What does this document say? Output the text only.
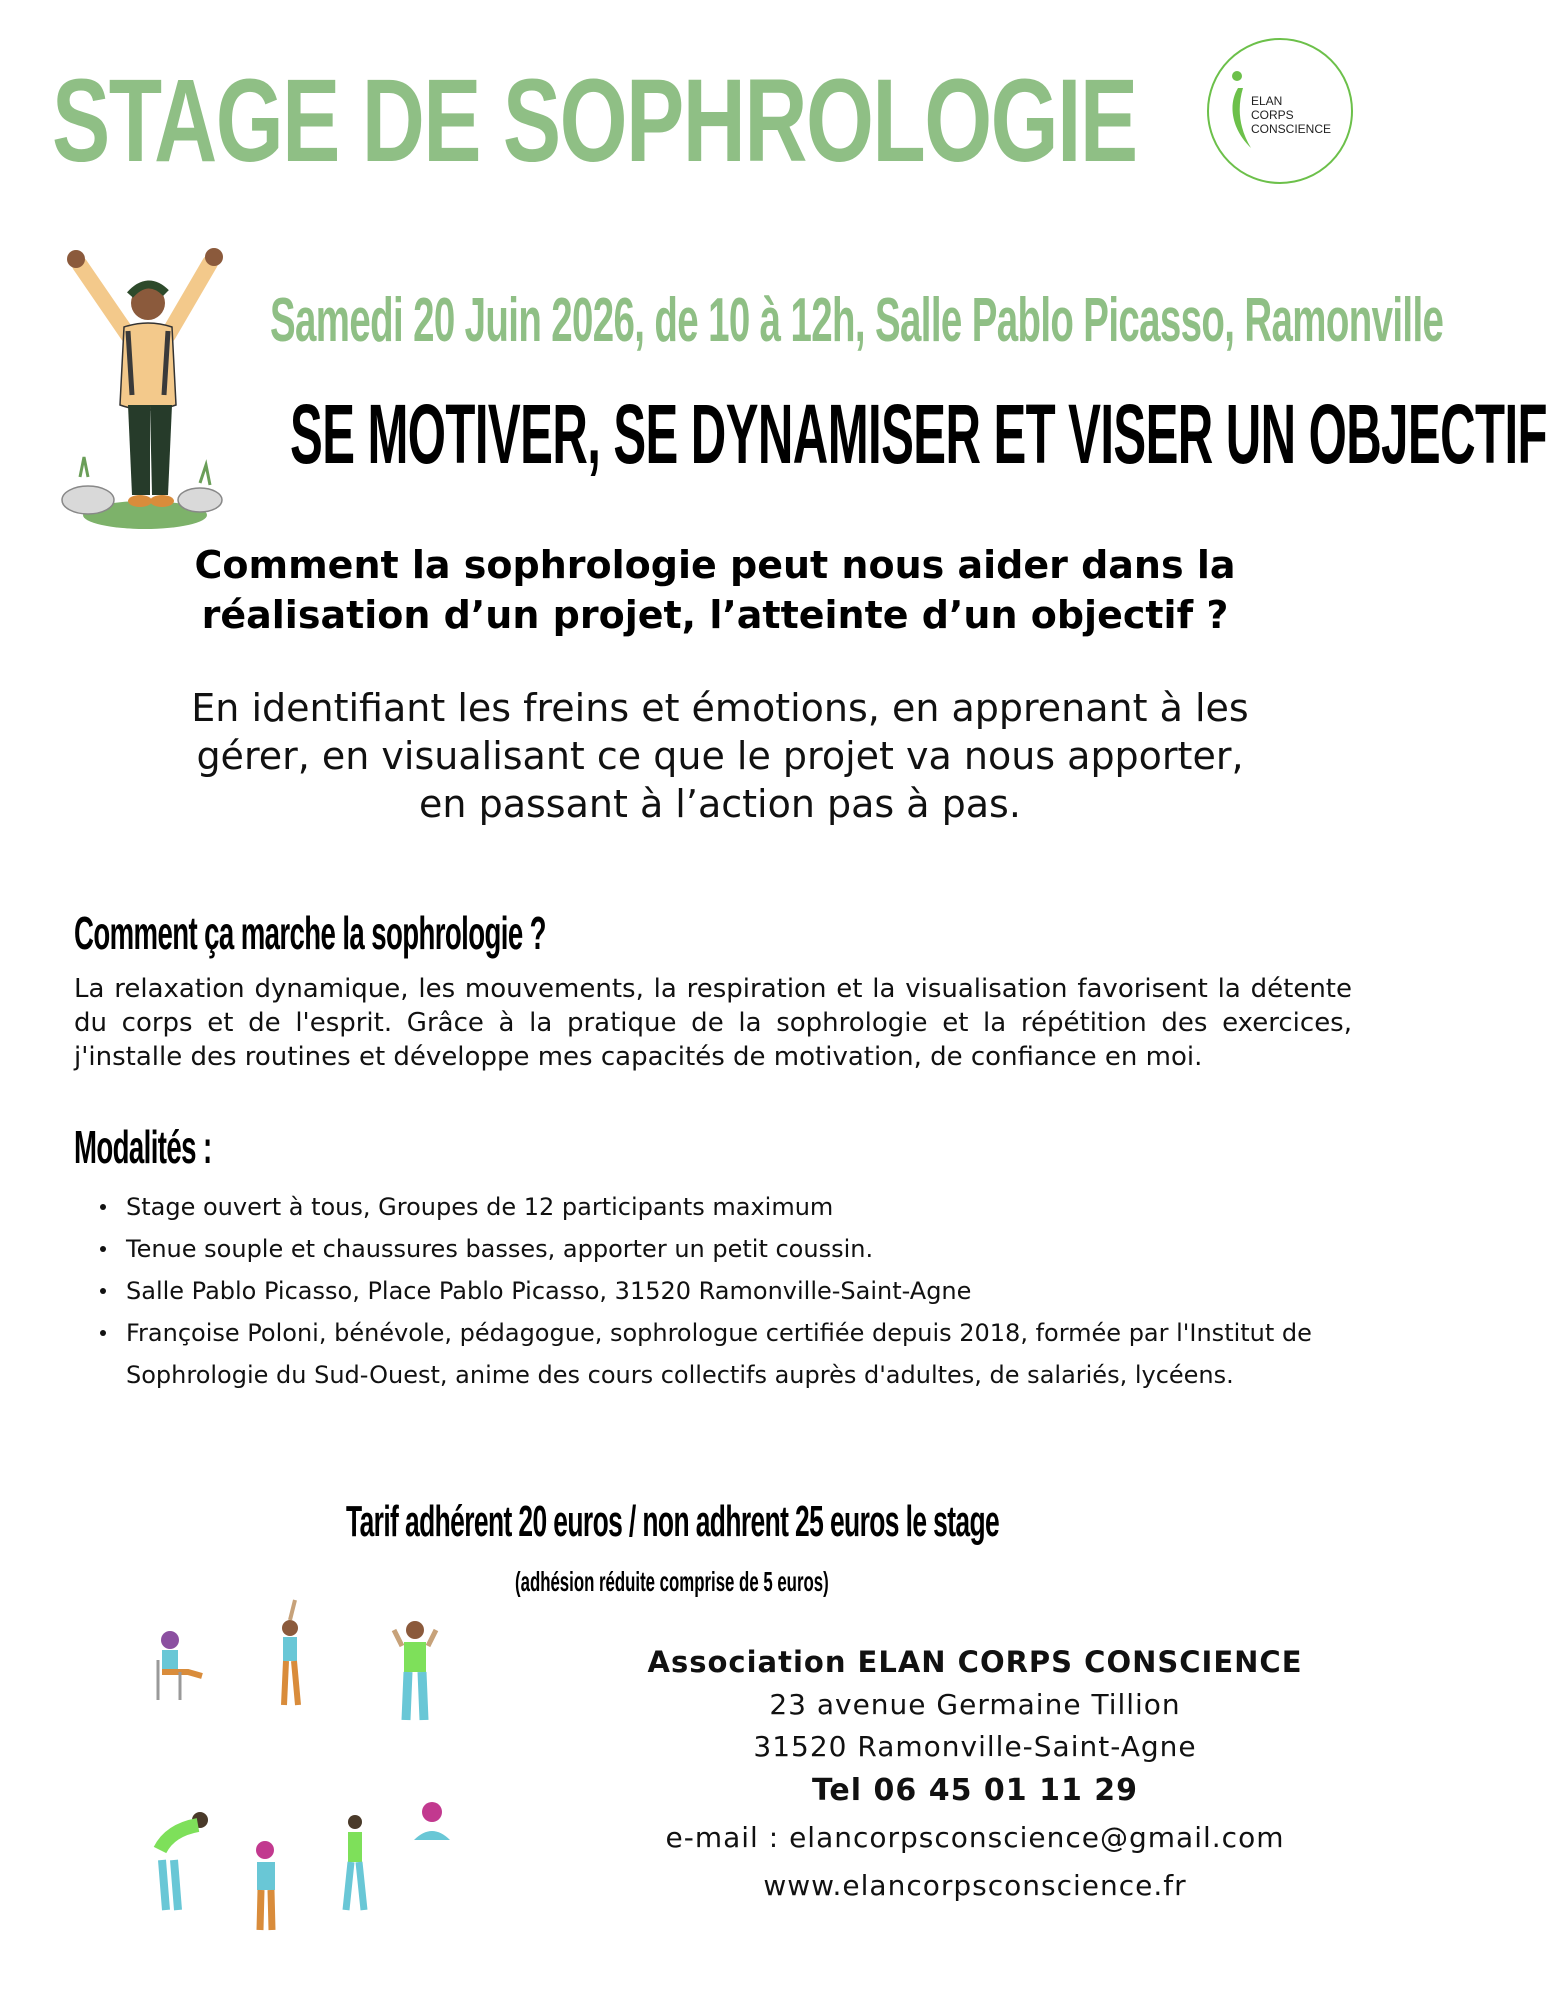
STAGE DE SOPHROLOGIE	ELAN
CORPS
CONSCIENCE
Samedi 20 Juin 2026, de 10 à 12h, Salle Pablo Picasso, Ramonville
SE MOTIVER, SE DYNAMISER ET VISER UN OBJECTIF
Comment la sophrologie peut nous aider dans la réalisation d’un projet, l’atteinte d’un objectif ?
En identifiant les freins et émotions, en apprenant à les gérer, en visualisant ce que le projet va nous apporter, en passant à l’action pas à pas.
Comment ça marche la sophrologie ?
La relaxation dynamique, les mouvements, la respiration et la visualisation favorisent la détente du corps et de l'esprit. Grâce à la pratique de la sophrologie et la répétition des exercices, j'installe des routines et développe mes capacités de motivation, de confiance en moi.
Modalités :
Stage ouvert à tous, Groupes de 12 participants maximum
Tenue souple et chaussures basses, apporter un petit coussin.
Salle Pablo Picasso, Place Pablo Picasso, 31520 Ramonville-Saint-Agne
Françoise Poloni, bénévole, pédagogue, sophrologue certifiée depuis 2018, formée par l'Institut de Sophrologie du Sud-Ouest, anime des cours collectifs auprès d'adultes, de salariés, lycéens.
Tarif adhérent 20 euros / non adhrent 25 euros le stage
(adhésion réduite comprise de 5 euros)
Association ELAN CORPS CONSCIENCE
23 avenue Germaine Tillion
31520 Ramonville-Saint-Agne
Tel 06 45 01 11 29
e-mail : elancorpsconscience@gmail.com
www.elancorpsconscience.fr
